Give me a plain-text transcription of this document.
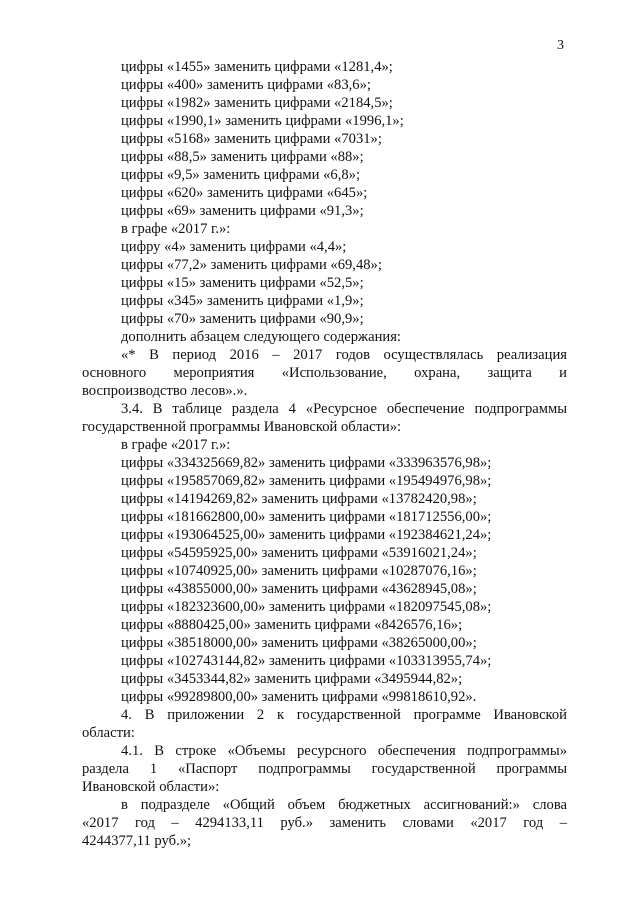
3
цифры «1455» заменить цифрами «1281,4»;
цифры «400» заменить цифрами «83,6»;
цифры «1982» заменить цифрами «2184,5»;
цифры «1990,1» заменить цифрами «1996,1»;
цифры «5168» заменить цифрами «7031»;
цифры «88,5» заменить цифрами «88»;
цифры «9,5» заменить цифрами «6,8»;
цифры «620» заменить цифрами «645»;
цифры «69» заменить цифрами «91,3»;
в графе «2017 г.»:
цифру «4» заменить цифрами «4,4»;
цифры «77,2» заменить цифрами «69,48»;
цифры «15» заменить цифрами «52,5»;
цифры «345» заменить цифрами «1,9»;
цифры «70» заменить цифрами «90,9»;
дополнить абзацем следующего содержания:
«* В период 2016 – 2017 годов осуществлялась реализация
основного мероприятия «Использование, охрана, защита и
воспроизводство лесов».».
3.4. В таблице раздела 4 «Ресурсное обеспечение подпрограммы
государственной программы Ивановской области»:
в графе «2017 г.»:
цифры «334325669,82» заменить цифрами «333963576,98»;
цифры «195857069,82» заменить цифрами «195494976,98»;
цифры «14194269,82» заменить цифрами «13782420,98»;
цифры «181662800,00» заменить цифрами «181712556,00»;
цифры «193064525,00» заменить цифрами «192384621,24»;
цифры «54595925,00» заменить цифрами «53916021,24»;
цифры «10740925,00» заменить цифрами «10287076,16»;
цифры «43855000,00» заменить цифрами «43628945,08»;
цифры «182323600,00» заменить цифрами «182097545,08»;
цифры «8880425,00» заменить цифрами «8426576,16»;
цифры «38518000,00» заменить цифрами «38265000,00»;
цифры «102743144,82» заменить цифрами «103313955,74»;
цифры «3453344,82» заменить цифрами «3495944,82»;
цифры «99289800,00» заменить цифрами «99818610,92».
4. В приложении 2 к государственной программе Ивановской
области:
4.1. В строке «Объемы ресурсного обеспечения подпрограммы»
раздела 1 «Паспорт подпрограммы государственной программы
Ивановской области»:
в подразделе «Общий объем бюджетных ассигнований:» слова
«2017 год – 4294133,11 руб.» заменить словами «2017 год –
4244377,11 руб.»;
